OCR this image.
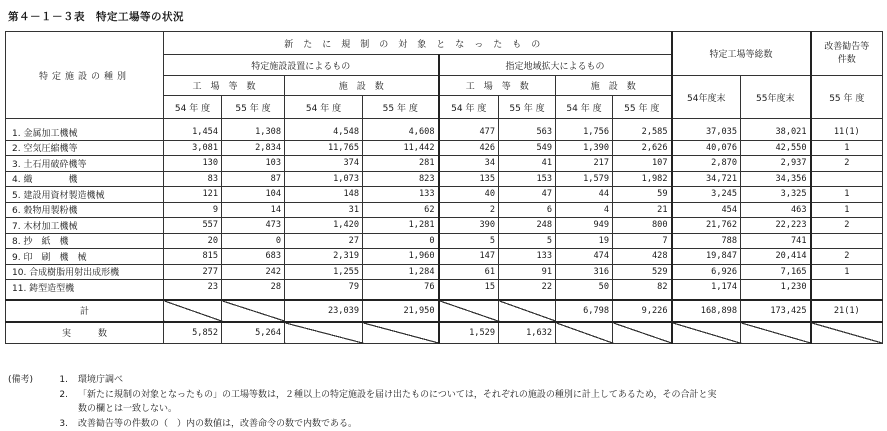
第４－１－３表　特定工場等の状況
特定施設の種別	新たに規制の対象となったもの								特定工場等総数		改善勧告等件数
	特定施設設置によるもの				指定地域拡大によるもの						
	工　場　等　数		施　設　数		工　場　等　数		施　設　数		54年度末	55年度末	55 年 度
	54 年 度	55 年 度	54 年 度	55 年 度	54 年 度	55 年 度	54 年 度	55 年 度			
1. 金属加工機械	1,454	1,308	4,548	4,608	477	563	1,756	2,585	37,035	38,021	11(1)
2. 空気圧縮機等	3,081	2,834	11,765	11,442	426	549	1,390	2,626	40,076	42,550	1
3. 土石用破砕機等	130	103	374	281	34	41	217	107	2,870	2,937	2
4. 織　　　　機	83	87	1,073	823	135	153	1,579	1,982	34,721	34,356	
5. 建設用資材製造機械	121	104	148	133	40	47	44	59	3,245	3,325	1
6. 穀物用製粉機	9	14	31	62	2	6	4	21	454	463	1
7. 木材加工機械	557	473	1,420	1,281	390	248	949	800	21,762	22,223	2
8. 抄　紙　機	20	0	27	0	5	5	19	7	788	741	
9. 印　刷　機　械	815	683	2,319	1,960	147	133	474	428	19,847	20,414	2
10. 合成樹脂用射出成形機	277	242	1,255	1,284	61	91	316	529	6,926	7,165	1
11. 鋳型造型機	23	28	79	76	15	22	50	82	1,174	1,230	
計			23,039	21,950			6,798	9,226	168,898	173,425	21(1)
実　　　数	5,852	5,264			1,529	1,632					
(備考)	1. 環境庁調べ
2. 「新たに規制の対象となったもの」の工場等数は，２種以上の特定施設を届け出たものについては，それぞれの施設の種別に計上してあるため，その合計と実
数の欄とは一致しない。
3. 改善勧告等の件数の（　）内の数値は，改善命令の数で内数である。
